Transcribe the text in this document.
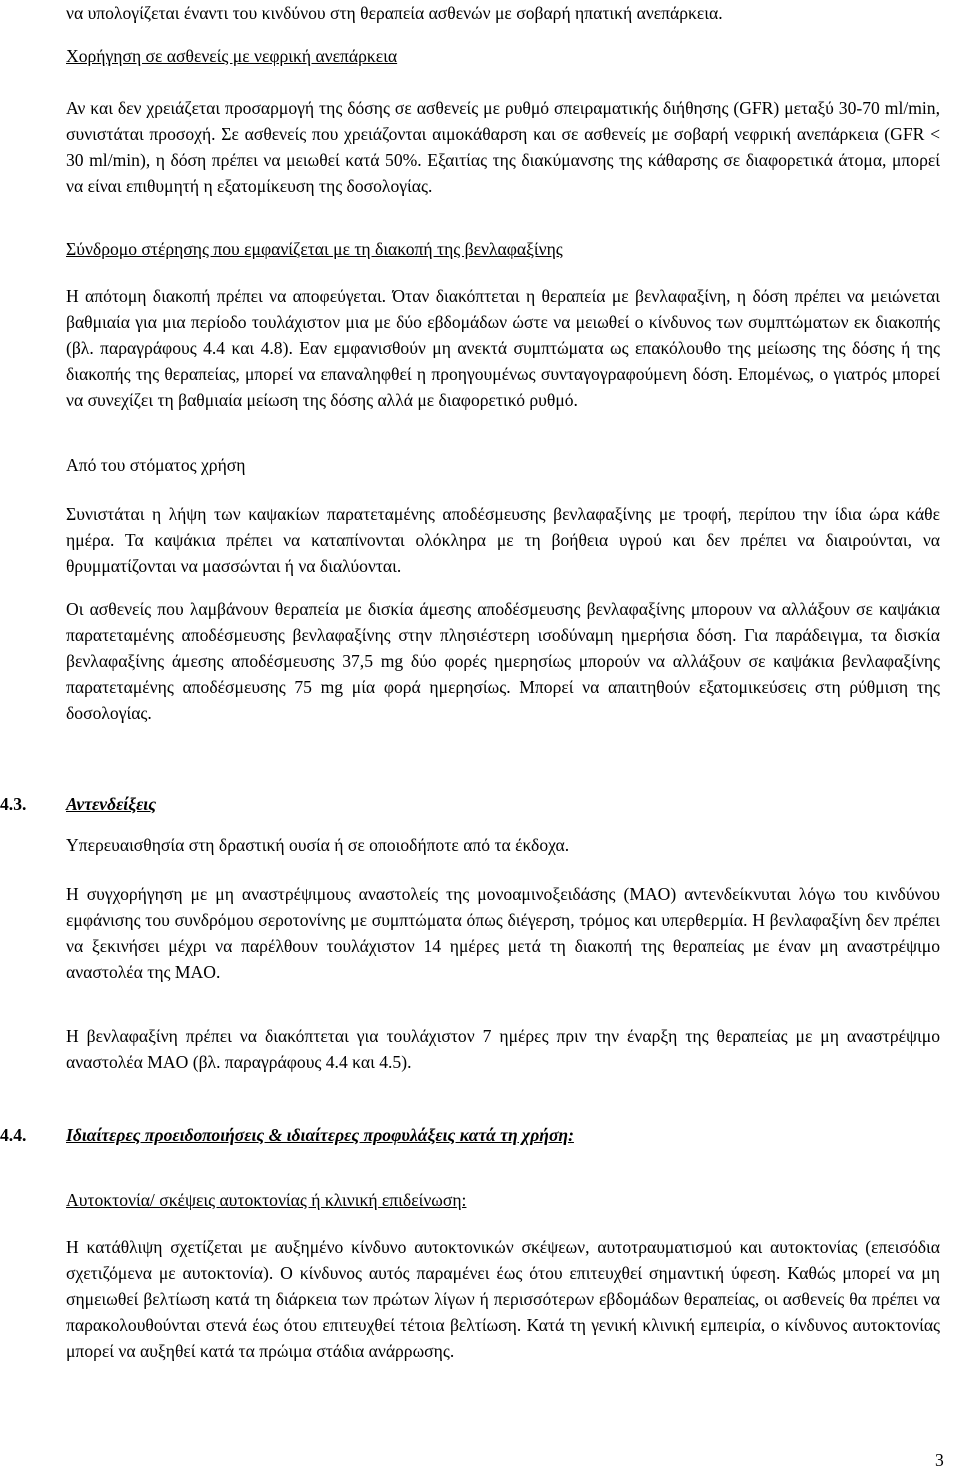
να υπολογίζεται έναντι του κινδύνου στη θεραπεία ασθενών με σοβαρή ηπατική ανεπάρκεια.

Χορήγηση σε ασθενείς με νεφρική ανεπάρκεια

Αν και δεν χρειάζεται προσαρμογή της δόσης σε ασθενείς με ρυθμό σπειραματικής διήθησης (GFR) μεταξύ 30-70 ml/min, συνιστάται προσοχή. Σε ασθενείς που χρειάζονται αιμοκάθαρση και σε ασθενείς με σοβαρή νεφρική ανεπάρκεια (GFR < 30 ml/min), η δόση πρέπει να μειωθεί κατά 50%. Εξαιτίας της διακύμανσης της κάθαρσης σε διαφορετικά άτομα, μπορεί να είναι επιθυμητή η εξατομίκευση της δοσολογίας.

Σύνδρομο στέρησης που εμφανίζεται με τη διακοπή της βενλαφαξίνης

Η απότομη διακοπή πρέπει να αποφεύγεται. Όταν διακόπτεται η θεραπεία με βενλαφαξίνη, η δόση πρέπει να μειώνεται βαθμιαία για μια περίοδο τουλάχιστον μια με δύο εβδομάδων ώστε να μειωθεί ο κίνδυνος των συμπτώματων εκ διακοπής (βλ. παραγράφους 4.4 και 4.8). Εαν εμφανισθούν μη ανεκτά συμπτώματα ως επακόλουθο της μείωσης της δόσης ή της διακοπής της θεραπείας, μπορεί να επαναληφθεί η προηγουμένως συνταγογραφούμενη δόση. Επομένως, ο γιατρός μπορεί να συνεχίζει τη βαθμιαία μείωση της δόσης αλλά με διαφορετικό ρυθμό.

Από του στόματος χρήση

Συνιστάται η λήψη των καψακίων παρατεταμένης αποδέσμευσης βενλαφαξίνης με τροφή, περίπου την ίδια ώρα κάθε ημέρα. Τα καψάκια πρέπει να καταπίνονται ολόκληρα με τη βοήθεια υγρού και δεν πρέπει να διαιρούνται, να θρυμματίζονται να μασσώνται ή να διαλύονται.

Οι ασθενείς που λαμβάνουν θεραπεία με δισκία άμεσης αποδέσμευσης βενλαφαξίνης μπορουν να αλλάξουν σε καψάκια παρατεταμένης αποδέσμευσης βενλαφαξίνης στην πλησιέστερη ισοδύναμη ημερήσια δόση. Για παράδειγμα, τα δισκία βενλαφαξίνης άμεσης αποδέσμευσης 37,5 mg δύο φορές ημερησίως μπορούν να αλλάξουν σε καψάκια βενλαφαξίνης παρατεταμένης αποδέσμευσης 75 mg μία φορά ημερησίως. Μπορεί να απαιτηθούν εξατομικεύσεις στη ρύθμιση της δοσολογίας.

4.3. Αντενδείξεις

Υπερευαισθησία στη δραστική ουσία ή σε οποιοδήποτε από τα έκδοχα.

Η συγχορήγηση με μη αναστρέψιμους αναστολείς της μονοαμινοξειδάσης (MAO) αντενδείκνυται λόγω του κινδύνου εμφάνισης του συνδρόμου σεροτονίνης με συμπτώματα όπως διέγερση, τρόμος και υπερθερμία. Η βενλαφαξίνη δεν πρέπει να ξεκινήσει μέχρι να παρέλθουν τουλάχιστον 14 ημέρες μετά τη διακοπή της θεραπείας με έναν μη αναστρέψιμο αναστολέα της MAO.

Η βενλαφαξίνη πρέπει να διακόπτεται για τουλάχιστον 7 ημέρες πριν την έναρξη της θεραπείας με μη αναστρέψιμο αναστολέα MAO (βλ. παραγράφους 4.4 και 4.5).

4.4. Ιδιαίτερες προειδοποιήσεις & ιδιαίτερες προφυλάξεις κατά τη χρήση:

Αυτοκτονία/ σκέψεις αυτοκτονίας ή κλινική επιδείνωση:

Η κατάθλιψη σχετίζεται με αυξημένο κίνδυνο αυτοκτονικών σκέψεων, αυτοτραυματισμού και αυτοκτονίας (επεισόδια σχετιζόμενα με αυτοκτονία). Ο κίνδυνος αυτός παραμένει έως ότου επιτευχθεί σημαντική ύφεση. Καθώς μπορεί να μη σημειωθεί βελτίωση κατά τη διάρκεια των πρώτων λίγων ή περισσότερων εβδομάδων θεραπείας, οι ασθενείς θα πρέπει να παρακολουθούνται στενά έως ότου επιτευχθεί τέτοια βελτίωση. Κατά τη γενική κλινική εμπειρία, ο κίνδυνος αυτοκτονίας μπορεί να αυξηθεί κατά τα πρώιμα στάδια ανάρρωσης.

3
